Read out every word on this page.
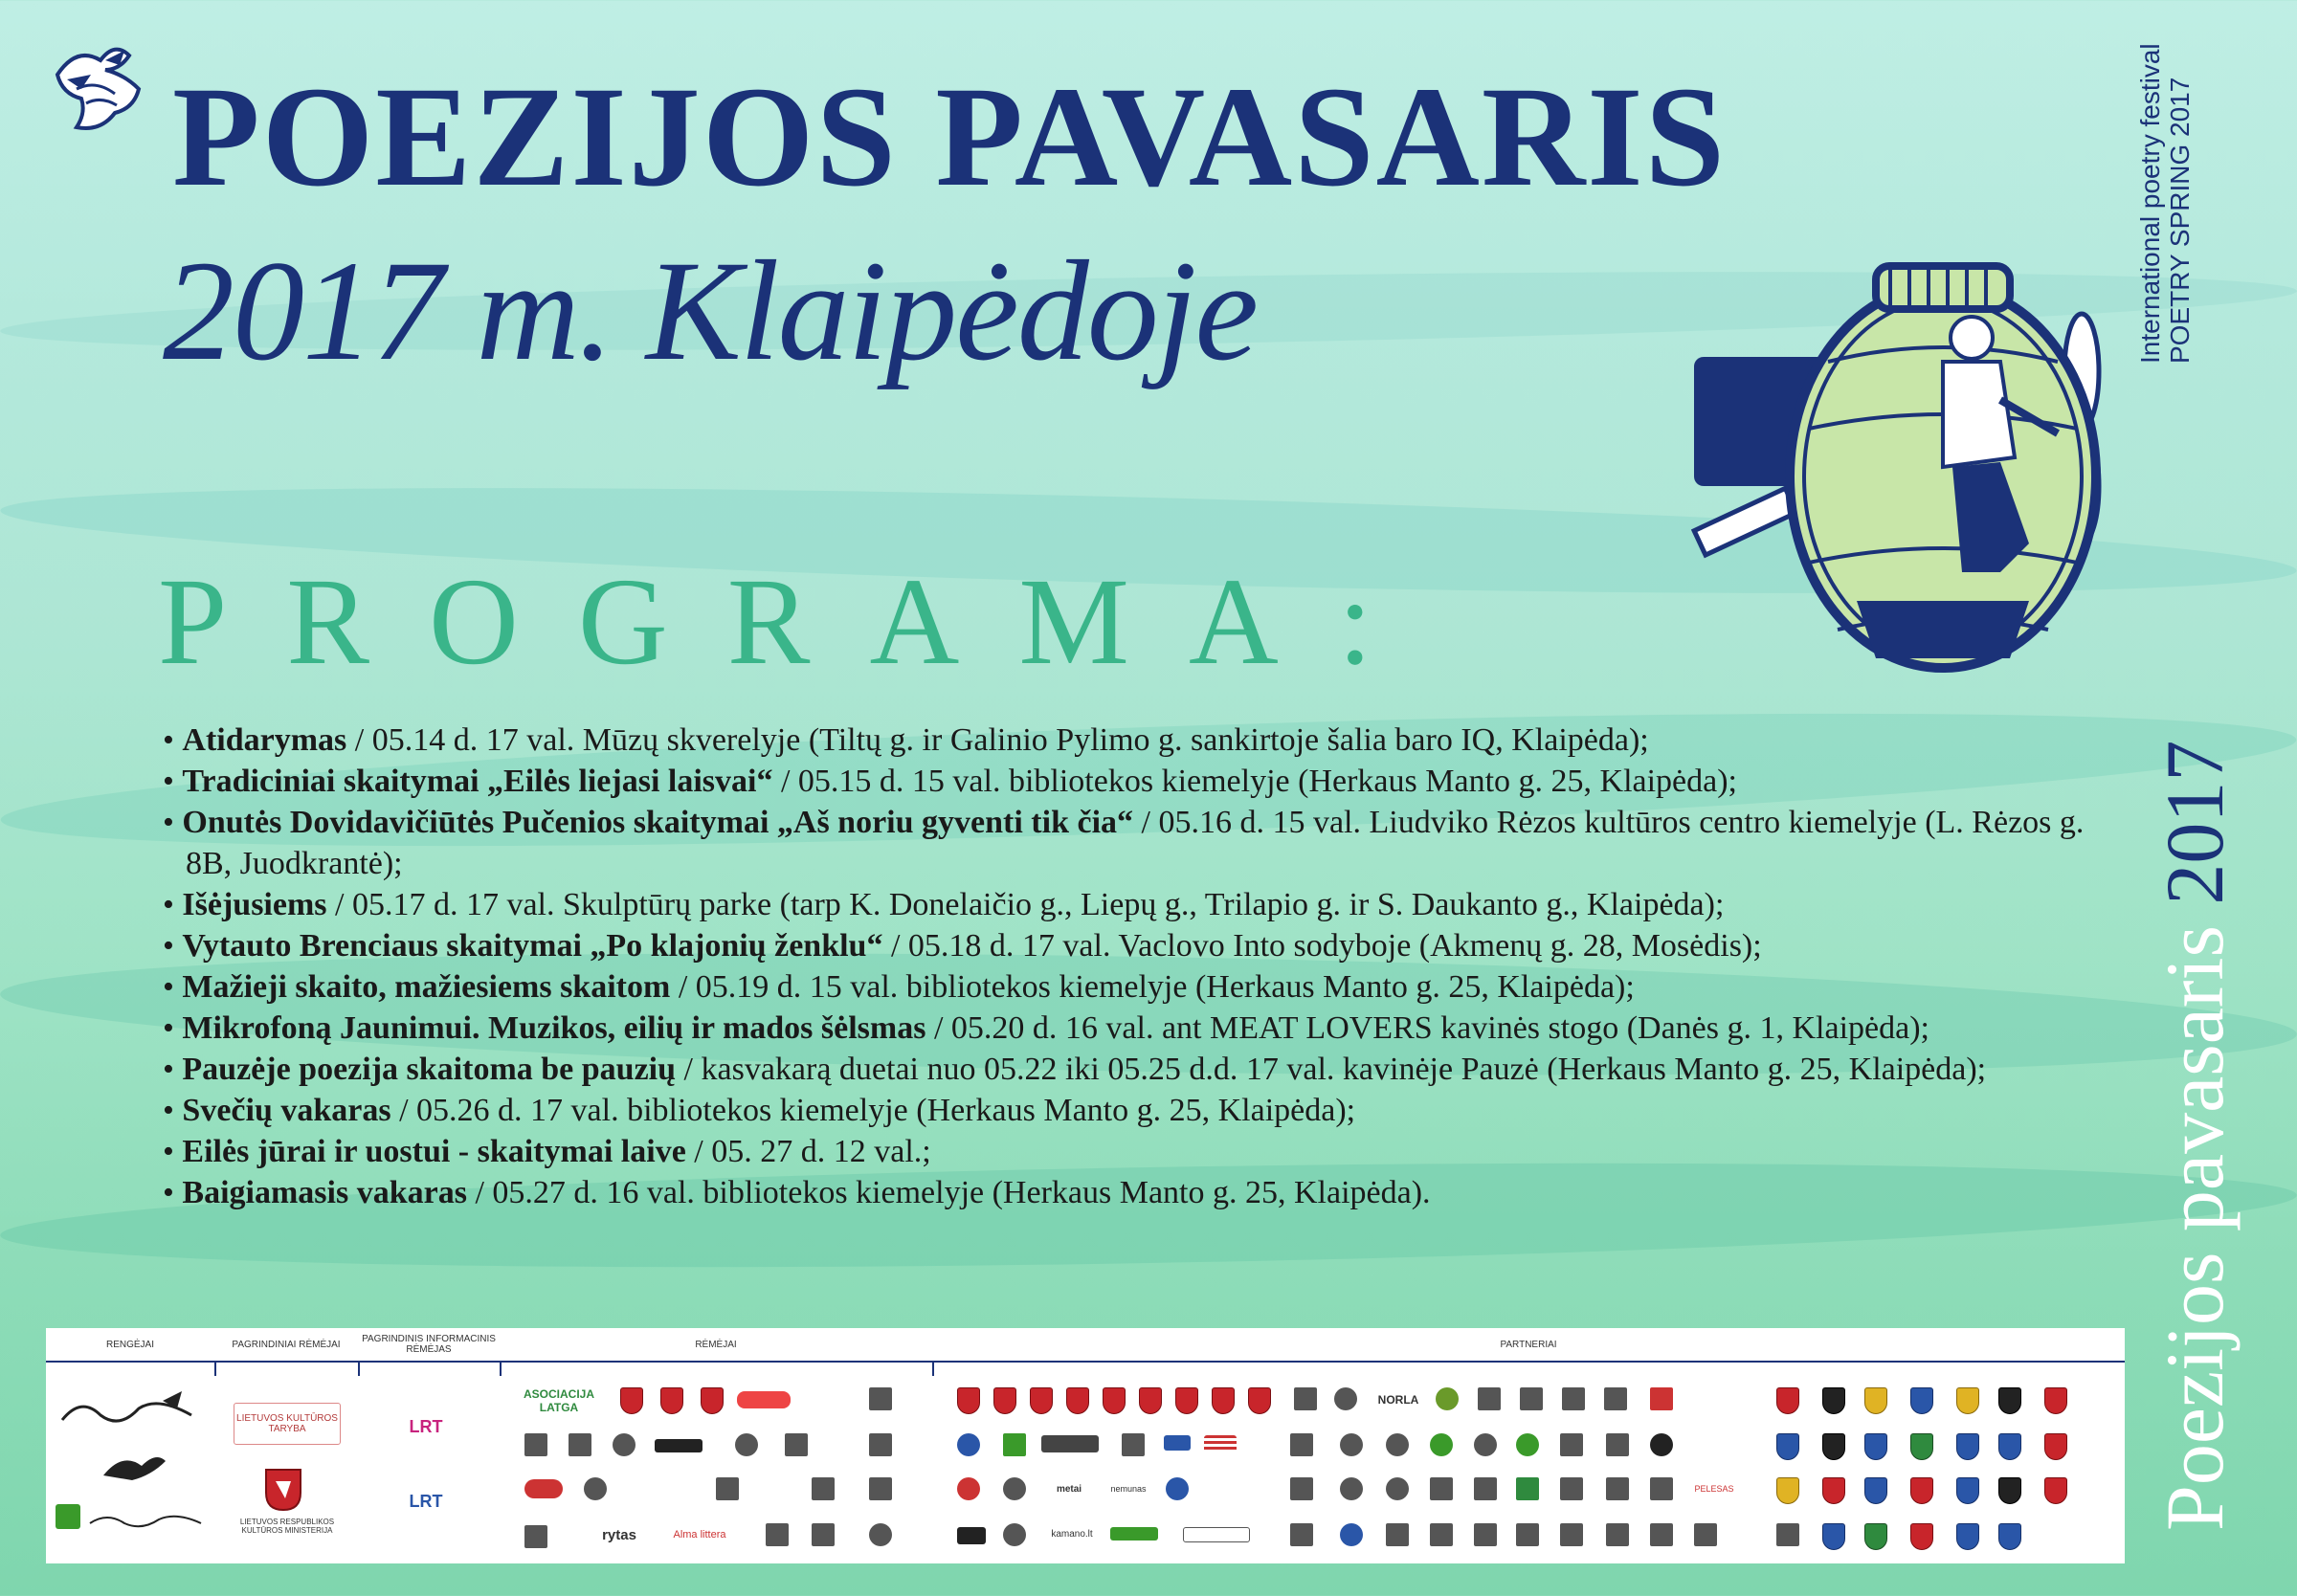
POEZIJOS PAVASARIS
2017 m. Klaipėdoje
PROGRAMA:
International poetry festival POETRY SPRING 2017
Poezijos pavasaris 2017
• Atidarymas / 05.14 d. 17 val. Mūzų skverelyje (Tiltų g. ir Galinio Pylimo g. sankirtoje šalia baro IQ, Klaipėda);
• Tradiciniai skaitymai „Eilės liejasi laisvai“ / 05.15 d. 15 val. bibliotekos kiemelyje (Herkaus Manto g. 25, Klaipėda);
• Onutės Dovidavičiūtės Pučenios skaitymai „Aš noriu gyventi tik čia“ / 05.16 d. 15 val. Liudviko Rėzos kultūros centro kiemelyje (L. Rėzos g. 8B, Juodkrantė);
• Išėjusiems / 05.17 d. 17 val. Skulptūrų parke (tarp K. Donelaičio g., Liepų g., Trilapio g. ir S. Daukanto g., Klaipėda);
• Vytauto Brenciaus skaitymai „Po klajonių ženklu“ / 05.18 d. 17 val. Vaclovo Into sodyboje (Akmenų g. 28, Mosėdis);
• Mažieji skaito, mažiesiems skaitom / 05.19 d. 15 val. bibliotekos kiemelyje (Herkaus Manto g. 25, Klaipėda);
• Mikrofoną Jaunimui. Muzikos, eilių ir mados šėlsmas / 05.20 d. 16 val. ant MEAT LOVERS kavinės stogo (Danės g. 1, Klaipėda);
• Pauzėje poezija skaitoma be pauzių / kasvakarą duetai nuo 05.22 iki 05.25 d.d. 17 val. kavinėje Pauzė (Herkaus Manto g. 25, Klaipėda);
• Svečių vakaras / 05.26 d. 17 val. bibliotekos kiemelyje (Herkaus Manto g. 25, Klaipėda);
• Eilės jūrai ir uostui - skaitymai laive / 05. 27 d. 12 val.;
• Baigiamasis vakaras / 05.27 d. 16 val. bibliotekos kiemelyje (Herkaus Manto g. 25, Klaipėda).
RENGĖJAI	PAGRINDINIAI RĖMĖJAI	PAGRINDINIS INFORMACINIS RĖMĖJAS	RĖMĖJAI	PARTNERIAI
LIETUVOS KULTŪROS TARYBA
LIETUVOS RESPUBLIKOS KULTŪROS MINISTERIJA
LRT
LRT
ASOCIACIJA LATGA
rytas	Alma littera
NORLA
metai	nemunas	PELESAS
kamano.lt
